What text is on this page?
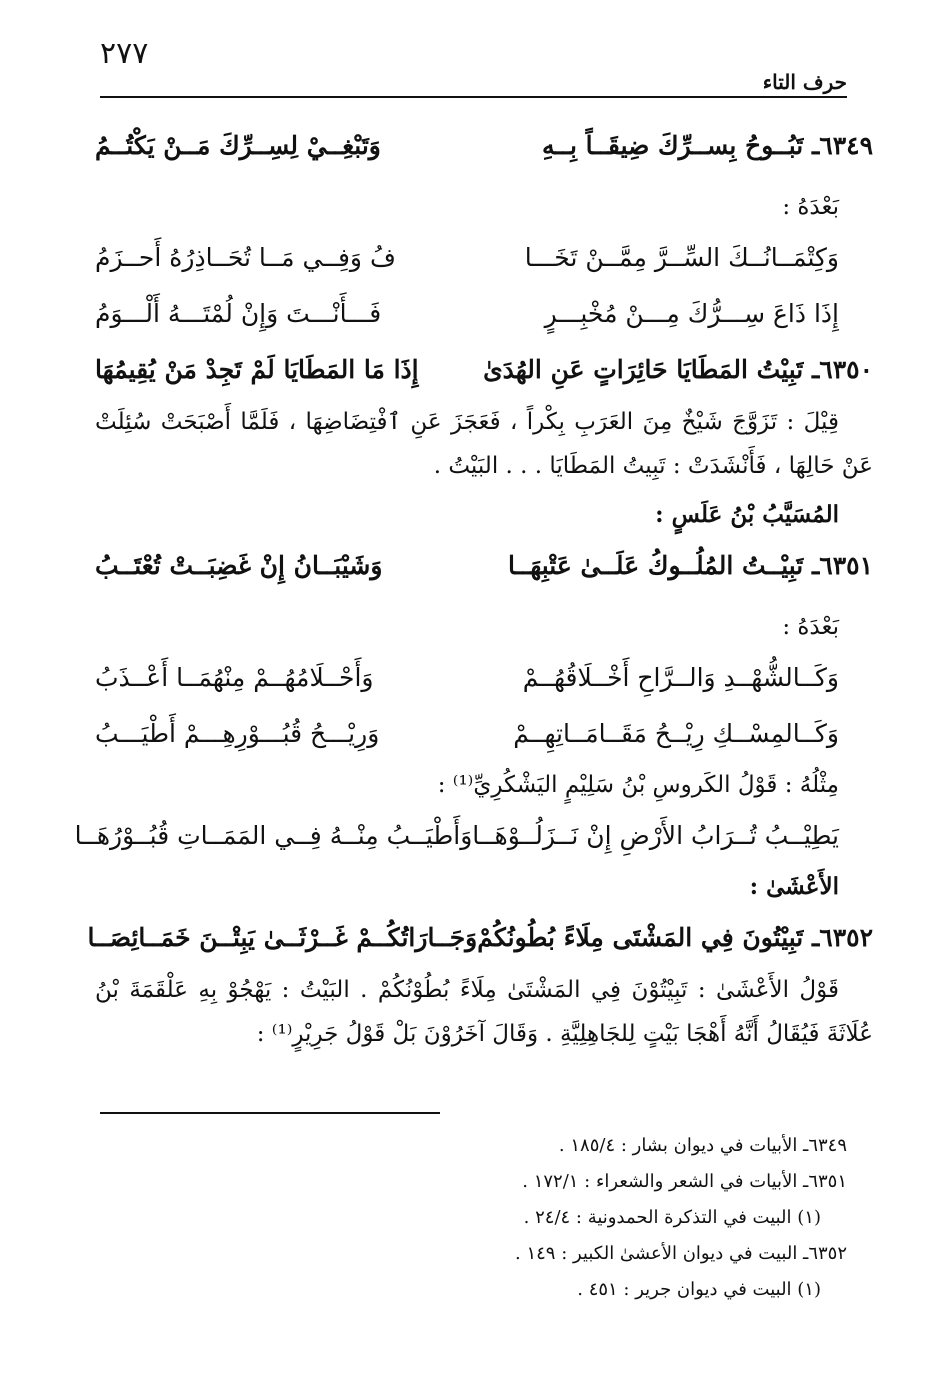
٢٧٧
حرف التاء
٦٣٤٩ـ تَبُــوحُ بِســرِّكَ ضِيقَــاً بِــهِ
وَتَبْغِــيْ لِسِــرِّكَ مَــنْ يَكْتُــمُ
بَعْدَهُ :
وَكِتْمَــانُــكَ السِّــرَّ مِمَّــنْ تَخَـــا
فُ وَفِــي مَــا تُحَــاذِرُهُ أَحــزَمُ
إِذَا ذَاعَ سِـــرُّكَ مِـــنْ مُخْبِـــرٍ
فَـــأَنْـــتَ وَإِنْ لُمْتَـــهُ أَلْـــوَمُ
٦٣٥٠ـ تَبِيْتُ المَطَايَا حَائِرَاتٍ عَنِ الهُدَىٰ
إِذَا مَا المَطَايَا لَمْ تَجِدْ مَنْ يُقِيمُهَا

قِيْلَ : تَزَوَّجَ شَيْخٌ مِنَ العَرَبِ بِكْراً ، فَعَجَزَ عَنِ ٱفْتِضَاضِهَا ، فَلَمَّا أَصْبَحَتْ سُئِلَتْ عَنْ حَالِهَا ، فَأَنْشَدَتْ : تَبِيتُ المَطَايَا . . . البَيْتُ .

المُسَيَّبُ بْنُ عَلَسٍ :
٦٣٥١ـ تَبِيْــتُ المُلُــوكُ عَلَــىٰ عَتْبِهَــا
وَشَيْبَــانُ إِنْ غَضِبَــتْ تُعْتَــبُ
بَعْدَهُ :
وَكَــالشُّهْــدِ وَالــرَّاحِ أَخْــلَاقُهُــمْ
وَأَحْــلَامُهُــمْ مِنْهُمَــا أَعْــذَبُ
وَكَــالمِسْــكِ رِيْــحُ مَقَــامَــاتِهِــمْ
وَرِيْـــحُ قُبُـــوْرِهِـــمْ أَطْيَـــبُ
مِثْلُهُ : قَوْلُ الكَروسِ بْنُ سَلِيْمٍ اليَشْكُرِيِّ⁽¹⁾ :
يَطِيْــبُ تُــرَابُ الأَرْضِ إِنْ نَــزَلُــوْهَــا
وَأَطْيَــبُ مِنْــهُ فِــي المَمَــاتِ قُبُــوْرُهَــا
الأَعْشَىٰ :
٦٣٥٢ـ تَبِيْتُونَ فِي المَشْتَى مِلَاءً بُطُونُكُمْ
وَجَــارَاتُكُــمْ غَــرْثَــىٰ يَبِتْــنَ خَمَــائِصَــا

قَوْلُ الأَعْشَىٰ : تَبِيْتُوْنَ فِي المَشْتَىٰ مِلَاءً بُطُوْنُكُمْ . البَيْتُ : يَهْجُوْ بِهِ عَلْقَمَةَ بْنُ عُلَاثَةَ فَيُقَالُ أَنَّهُ أَهْجَا بَيْتٍ لِلجَاهِلِيَّةِ . وَقَالَ آخَرُوْنَ بَلْ قَوْلُ جَرِيْرٍ⁽¹⁾ :

٦٣٤٩ـ الأبيات في ديوان بشار : ١٨٥/٤ .
٦٣٥١ـ الأبيات في الشعر والشعراء : ١٧٢/١ .
(١) البيت في التذكرة الحمدونية : ٢٤/٤ .
٦٣٥٢ـ البيت في ديوان الأعشىٰ الكبير : ١٤٩ .
(١) البيت في ديوان جرير : ٤٥١ .
